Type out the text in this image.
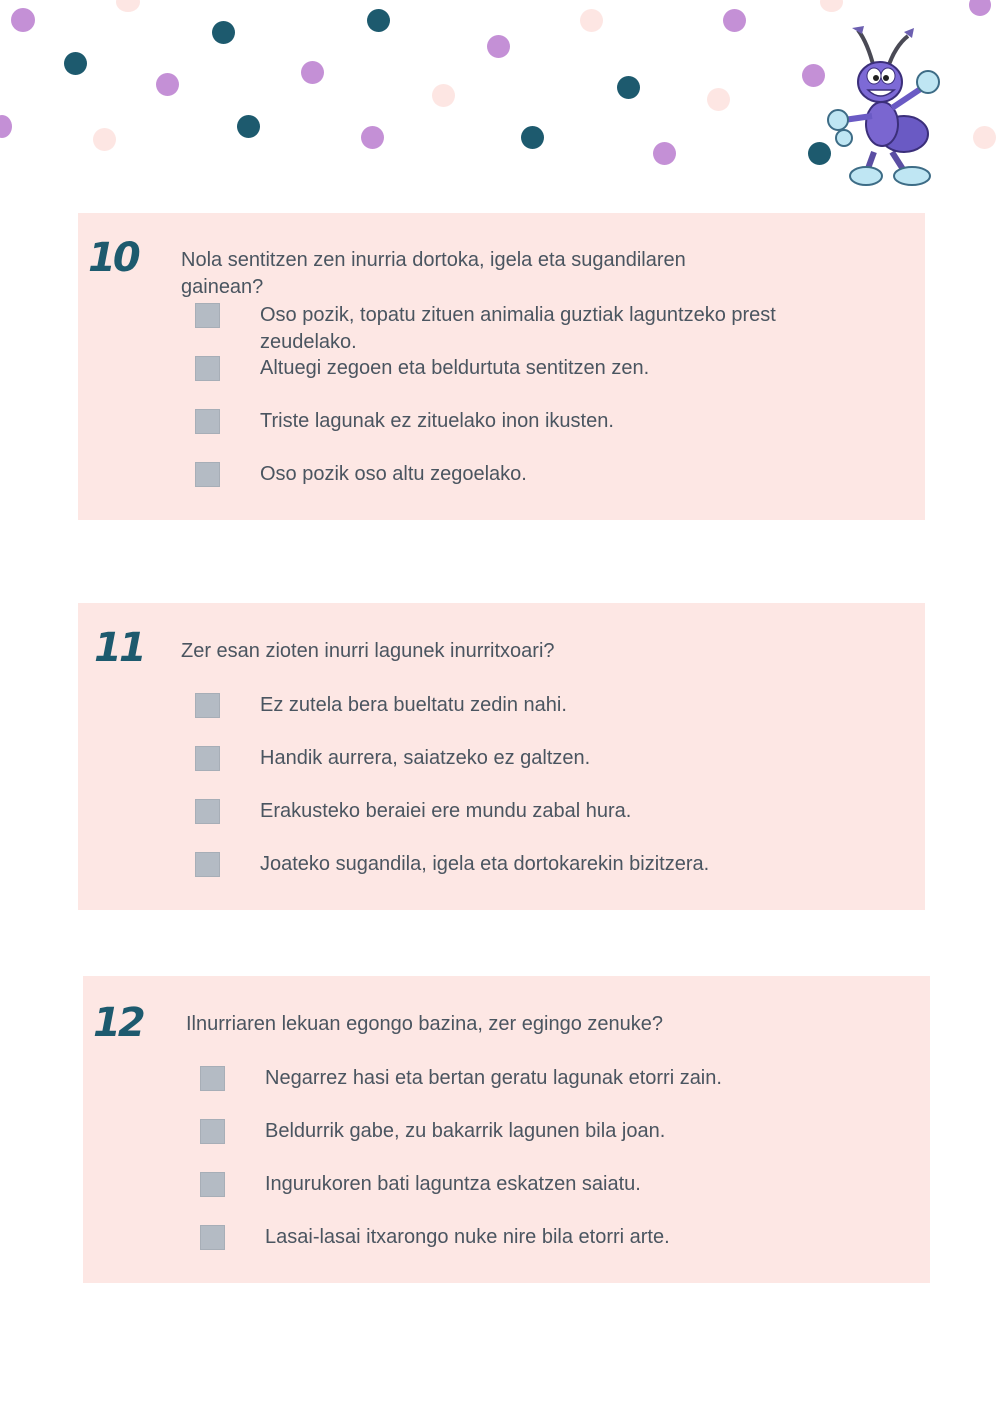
10 Nola sentitzen zen inurria dortoka, igela eta sugandilaren gainean?
Oso pozik, topatu zituen animalia guztiak laguntzeko prest zeudelako.
Altuegi zegoen eta beldurtuta sentitzen zen.
Triste lagunak ez zituelako inon ikusten.
Oso pozik oso altu zegoelako.
11 Zer esan zioten inurri lagunek inurritxoari?
Ez zutela bera bueltatu zedin nahi.
Handik aurrera, saiatzeko ez galtzen.
Erakusteko beraiei ere mundu zabal hura.
Joateko sugandila, igela eta dortokarekin bizitzera.
12 Ilnurriaren lekuan egongo bazina, zer egingo zenuke?
Negarrez hasi eta bertan geratu lagunak etorri zain.
Beldurrik gabe, zu bakarrik lagunen bila joan.
Ingurukoren bati laguntza eskatzen saiatu.
Lasai-lasai itxarongo nuke nire bila etorri arte.
